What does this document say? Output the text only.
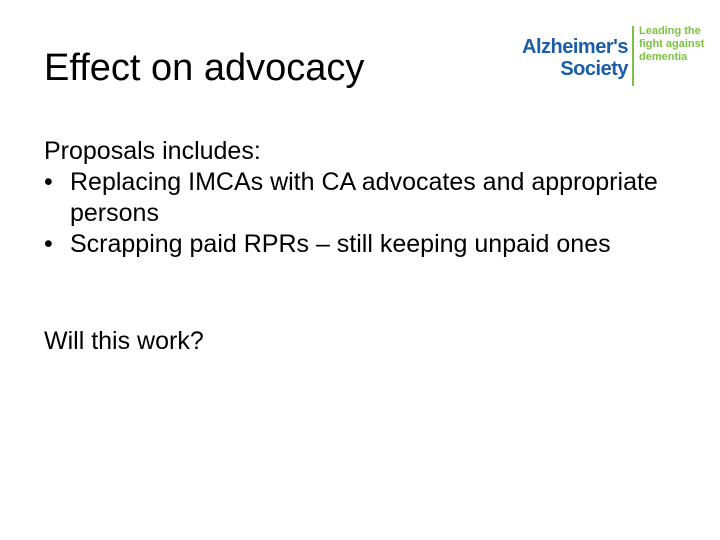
Effect on advocacy	Alzheimer's
Society
Leading the
fight against
dementia

Proposals includes:

• Replacing IMCAs with CA advocates and appropriate persons
• Scrapping paid RPRs – still keeping unpaid ones

Will this work?
